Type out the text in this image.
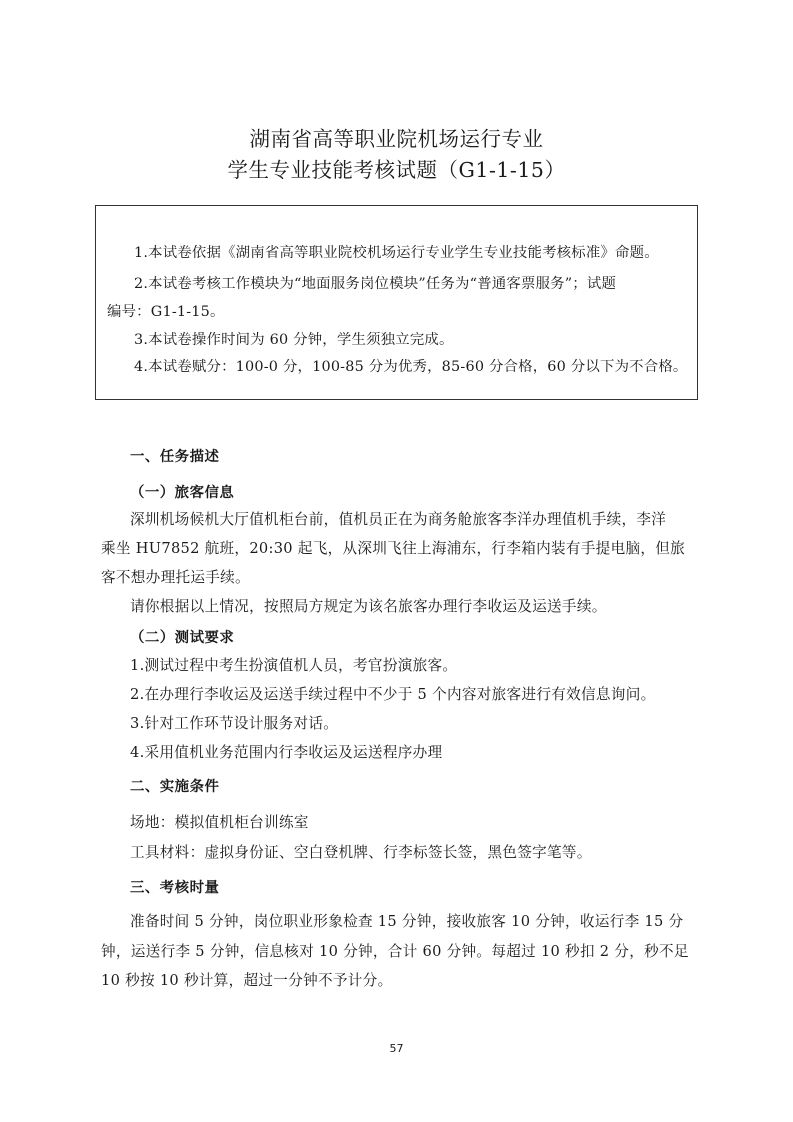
湖南省高等职业院机场运行专业
学生专业技能考核试题（G1-1-15）
1.本试卷依据《湖南省高等职业院校机场运行专业学生专业技能考核标准》命题。
2.本试卷考核工作模块为“地面服务岗位模块”任务为“普通客票服务”；试题
编号：G1-1-15。
3.本试卷操作时间为 60 分钟，学生须独立完成。
4.本试卷赋分：100-0 分，100-85 分为优秀，85-60 分合格，60 分以下为不合格。
一、任务描述
（一）旅客信息
深圳机场候机大厅值机柜台前，值机员正在为商务舱旅客李洋办理值机手续，李洋
乘坐 HU7852 航班，20:30 起飞，从深圳飞往上海浦东，行李箱内装有手提电脑，但旅
客不想办理托运手续。
请你根据以上情况，按照局方规定为该名旅客办理行李收运及运送手续。
（二）测试要求
1.测试过程中考生扮演值机人员，考官扮演旅客。
2.在办理行李收运及运送手续过程中不少于 5 个内容对旅客进行有效信息询问。
3.针对工作环节设计服务对话。
4.采用值机业务范围内行李收运及运送程序办理
二、实施条件
场地：模拟值机柜台训练室
工具材料：虚拟身份证、空白登机牌、行李标签长签，黑色签字笔等。
三、考核时量
准备时间 5 分钟，岗位职业形象检查 15 分钟，接收旅客 10 分钟，收运行李 15 分
钟，运送行李 5 分钟，信息核对 10 分钟，合计 60 分钟。每超过 10 秒扣 2 分，秒不足
10 秒按 10 秒计算，超过一分钟不予计分。
57
